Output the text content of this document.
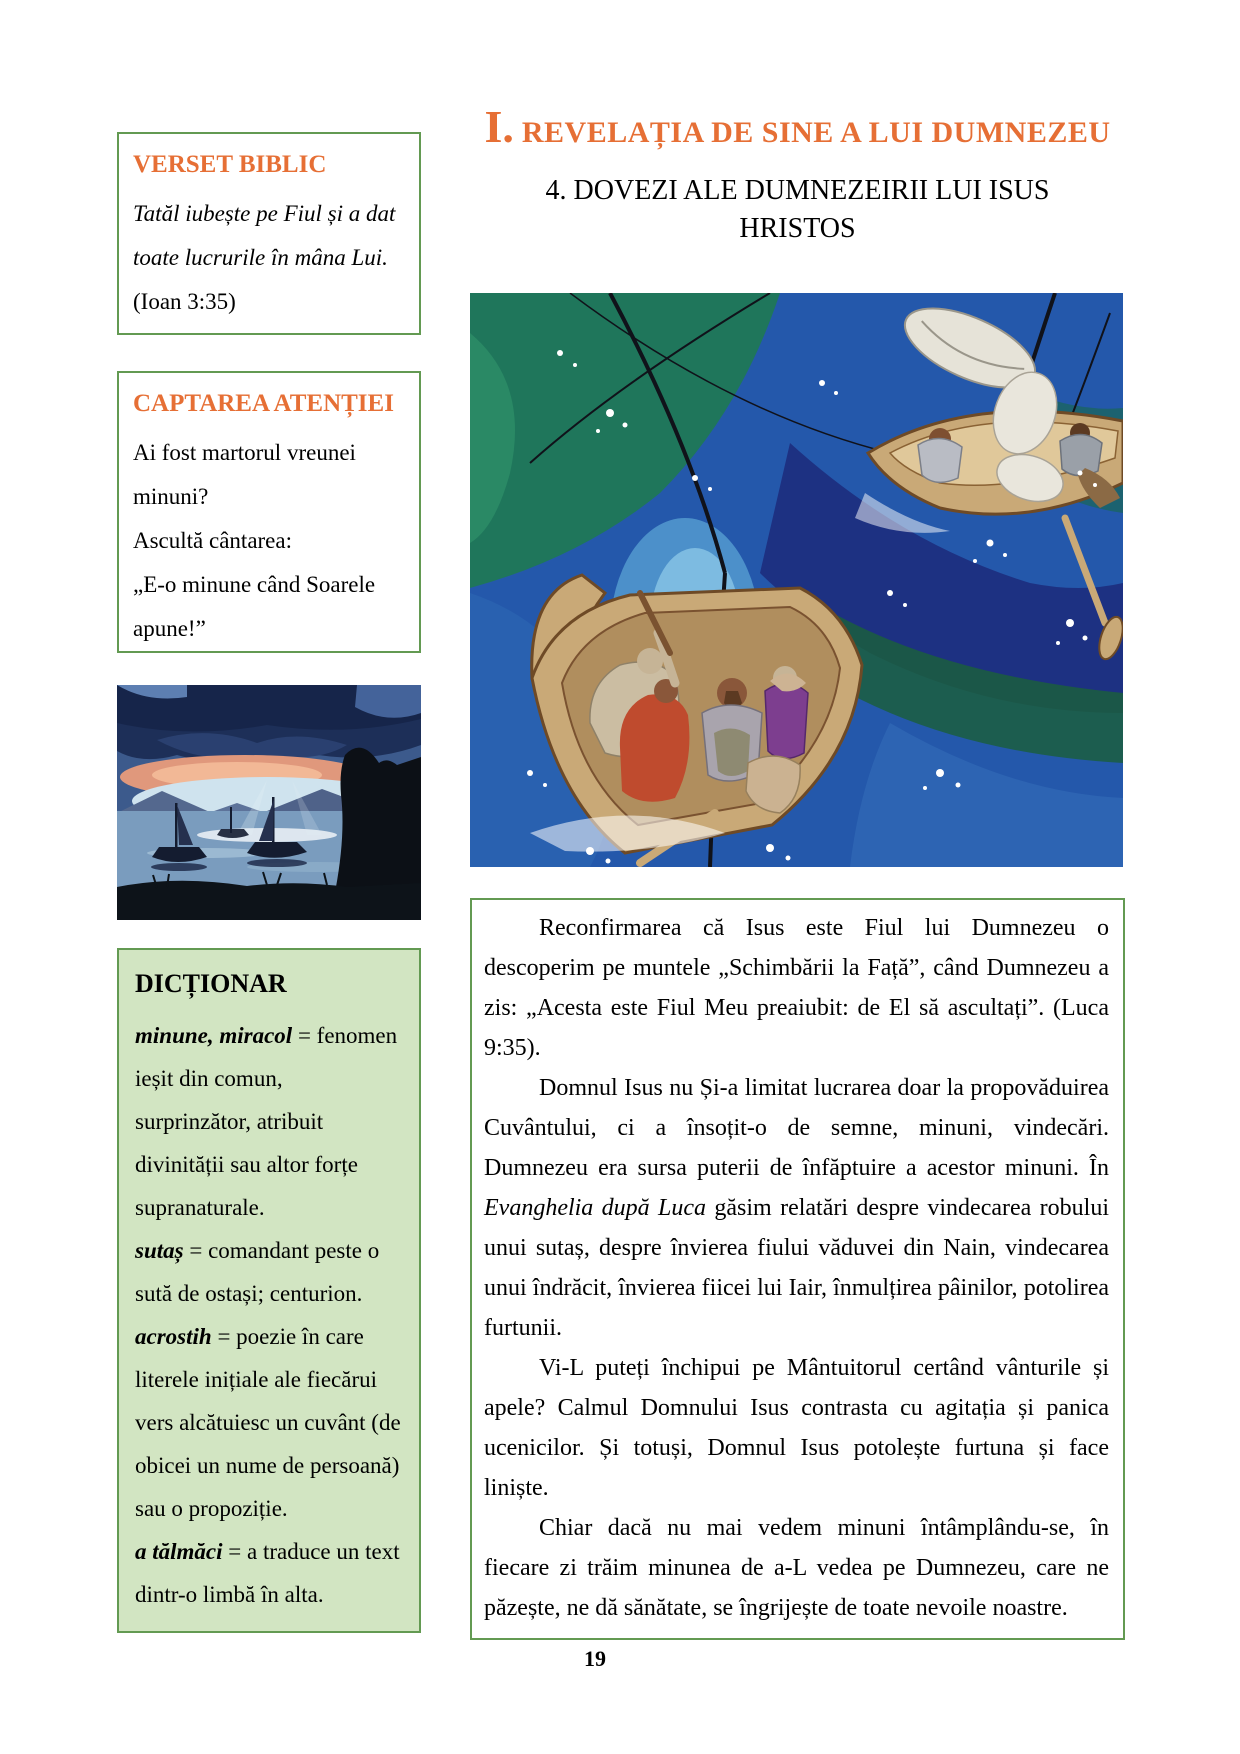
VERSET BIBLIC
Tatăl iubește pe Fiul și a dat toate lucrurile în mâna Lui. (Ioan 3:35)
CAPTAREA ATENȚIEI
Ai fost martorul vreunei minuni?
Ascultă cântarea:
„E-o minune când Soarele apune!”
DICȚIONAR
minune, miracol = fenomen ieșit din comun, surprinzător, atribuit divinității sau altor forțe supranaturale.
sutaș = comandant peste o sută de ostași; centurion.
acrostih = poezie în care literele inițiale ale fiecărui vers alcătuiesc un cuvânt (de obicei un nume de persoană) sau o propoziție.
a tălmăci = a traduce un text dintr-o limbă în alta.
I. REVELAȚIA DE SINE A LUI DUMNEZEU
4. DOVEZI ALE DUMNEZEIRII LUI ISUS
HRISTOS

Reconfirmarea că Isus este Fiul lui Dumnezeu o descoperim pe muntele „Schimbării la Față”, când Dumnezeu a zis: „Acesta este Fiul Meu preaiubit: de El să ascultați”. (Luca 9:35).

Domnul Isus nu Și-a limitat lucrarea doar la propovăduirea Cuvântului, ci a însoțit-o de semne, minuni, vindecări. Dumnezeu era sursa puterii de înfăptuire a acestor minuni. În Evanghelia după Luca găsim relatări despre vindecarea robului unui sutaș, despre învierea fiului văduvei din Nain, vindecarea unui îndrăcit, învierea fiicei lui Iair, înmulțirea pâinilor, potolirea furtunii.

Vi-L puteți închipui pe Mântuitorul certând vânturile și apele? Calmul Domnului Isus contrasta cu agitația și panica ucenicilor. Și totuși, Domnul Isus potolește furtuna și face liniște.

Chiar dacă nu mai vedem minuni întâmplându-se, în fiecare zi trăim minunea de a-L vedea pe Dumnezeu, care ne păzește, ne dă sănătate, se îngrijește de toate nevoile noastre.

19
